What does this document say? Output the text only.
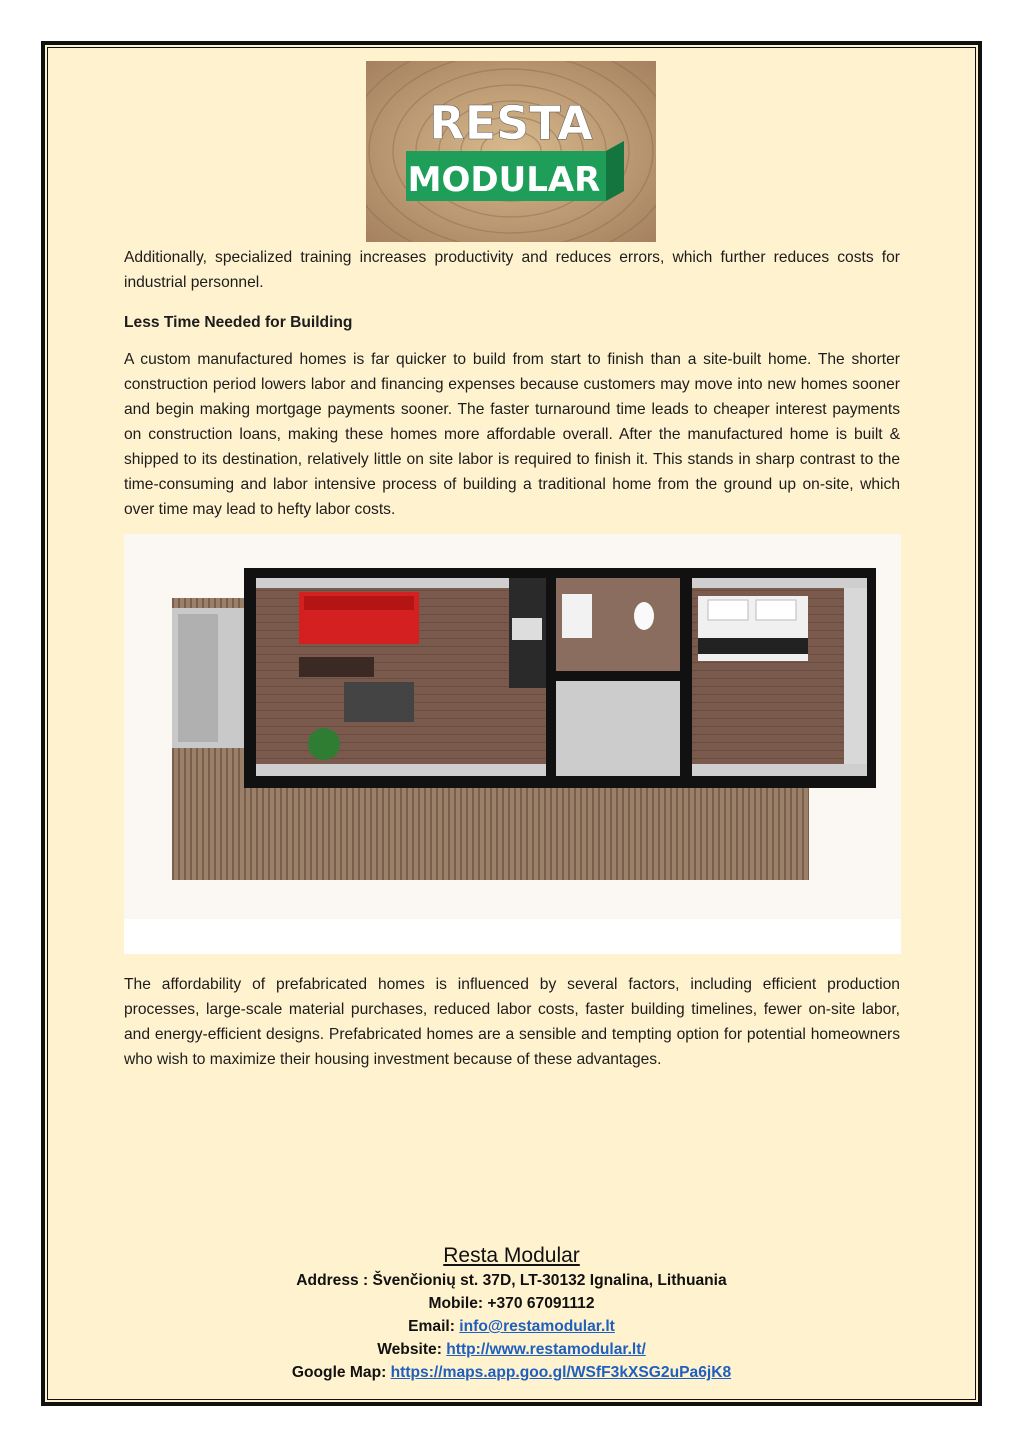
RESTA
MODULAR

Additionally, specialized training increases productivity and reduces errors, which further reduces costs for industrial personnel.

Less Time Needed for Building

A custom manufactured homes is far quicker to build from start to finish than a site-built home. The shorter construction period lowers labor and financing expenses because customers may move into new homes sooner and begin making mortgage payments sooner. The faster turnaround time leads to cheaper interest payments on construction loans, making these homes more affordable overall. After the manufactured home is built & shipped to its destination, relatively little on site labor is required to finish it. This stands in sharp contrast to the time-consuming and labor intensive process of building a traditional home from the ground up on-site, which over time may lead to hefty labor costs.

The affordability of prefabricated homes is influenced by several factors, including efficient production processes, large-scale material purchases, reduced labor costs, faster building timelines, fewer on-site labor, and energy-efficient designs. Prefabricated homes are a sensible and tempting option for potential homeowners who wish to maximize their housing investment because of these advantages.

Resta Modular
Address : Švenčionių st. 37D, LT-30132 Ignalina, Lithuania
Mobile: +370 67091112
Email: info@restamodular.lt
Website: http://www.restamodular.lt/
Google Map: https://maps.app.goo.gl/WSfF3kXSG2uPa6jK8
